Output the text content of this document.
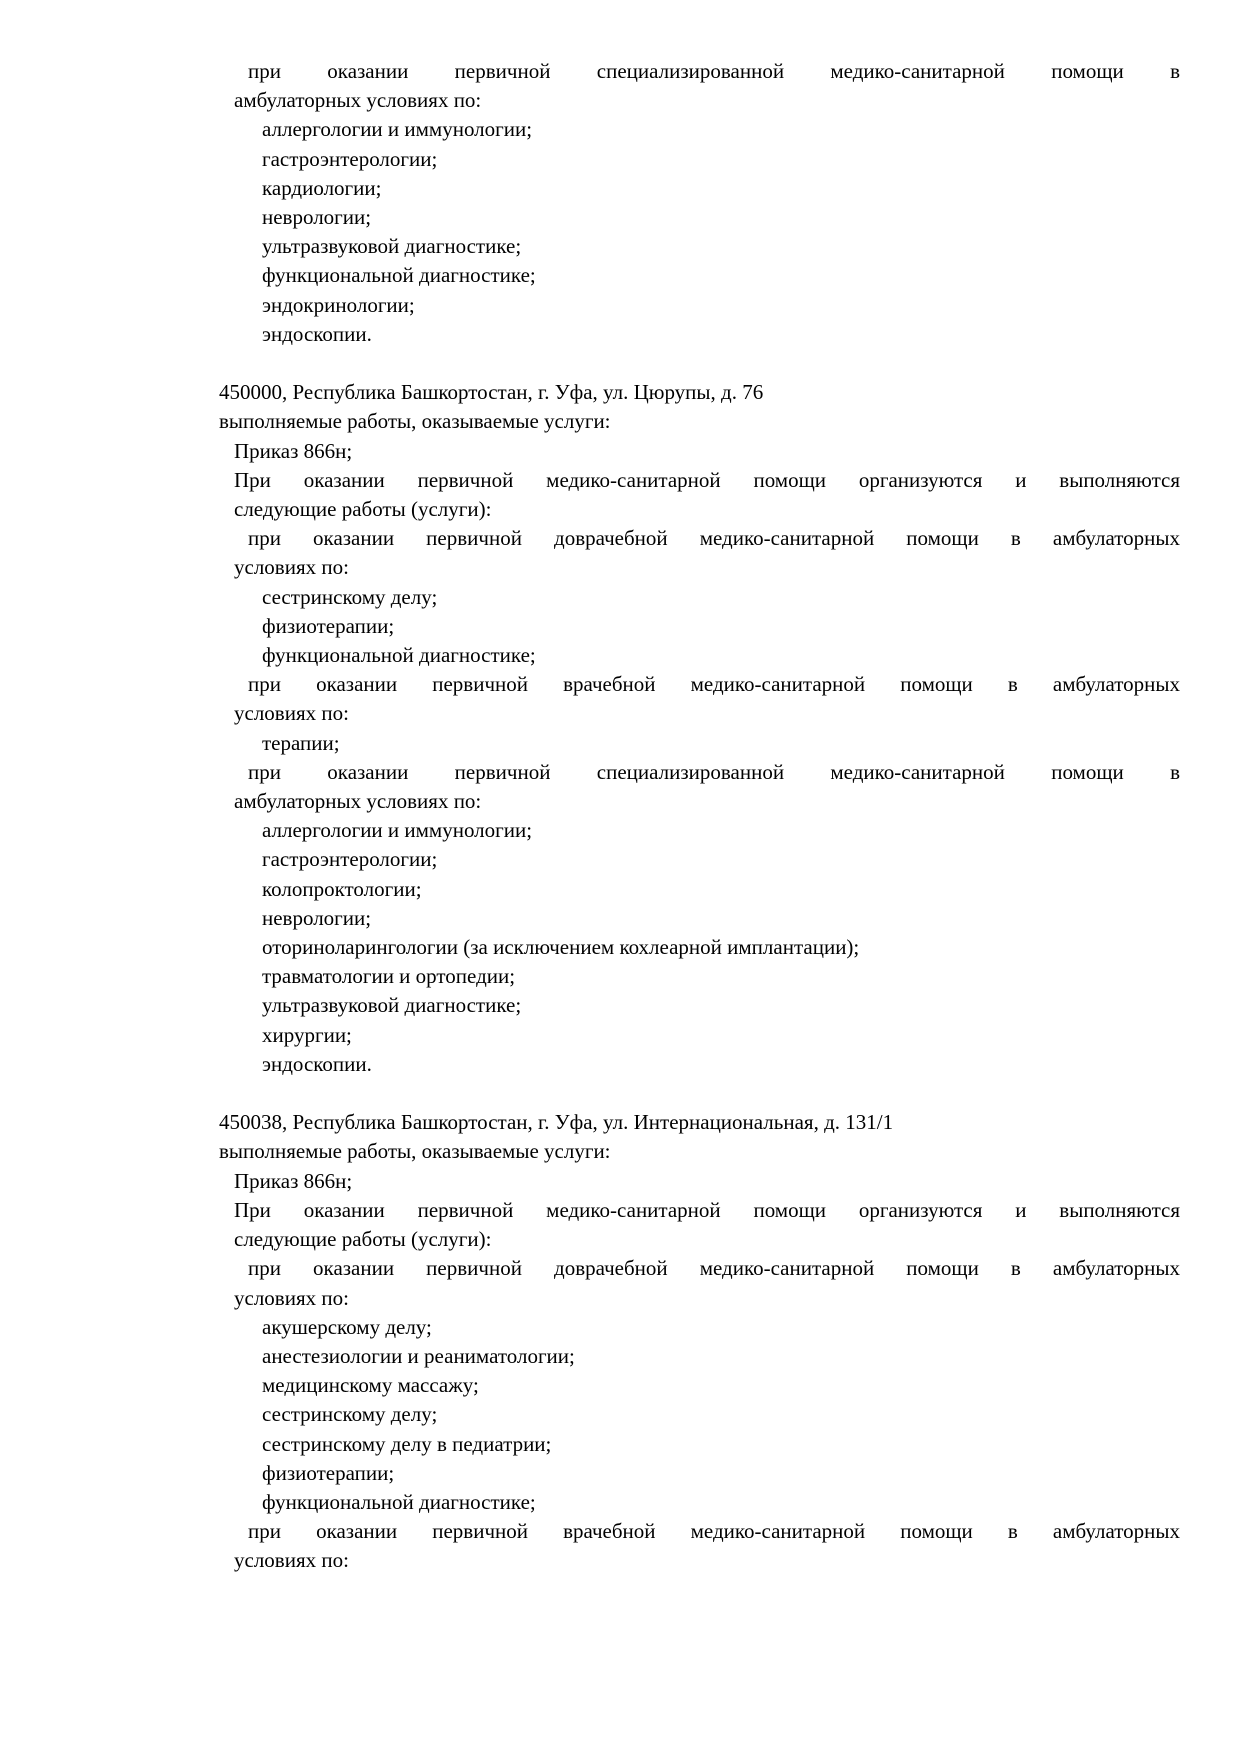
при оказании первичной специализированной медико-санитарной помощи в
амбулаторных условиях по:
аллергологии и иммунологии;
гастроэнтерологии;
кардиологии;
неврологии;
ультразвуковой диагностике;
функциональной диагностике;
эндокринологии;
эндоскопии.
450000, Республика Башкортостан, г. Уфа, ул. Цюрупы, д. 76
выполняемые работы, оказываемые услуги:
Приказ 866н;
При оказании первичной медико-санитарной помощи организуются и выполняются
следующие работы (услуги):
при оказании первичной доврачебной медико-санитарной помощи в амбулаторных
условиях по:
сестринскому делу;
физиотерапии;
функциональной диагностике;
при оказании первичной врачебной медико-санитарной помощи в амбулаторных
условиях по:
терапии;
при оказании первичной специализированной медико-санитарной помощи в
амбулаторных условиях по:
аллергологии и иммунологии;
гастроэнтерологии;
колопроктологии;
неврологии;
оториноларингологии (за исключением кохлеарной имплантации);
травматологии и ортопедии;
ультразвуковой диагностике;
хирургии;
эндоскопии.
450038, Республика Башкортостан, г. Уфа, ул. Интернациональная, д. 131/1
выполняемые работы, оказываемые услуги:
Приказ 866н;
При оказании первичной медико-санитарной помощи организуются и выполняются
следующие работы (услуги):
при оказании первичной доврачебной медико-санитарной помощи в амбулаторных
условиях по:
акушерскому делу;
анестезиологии и реаниматологии;
медицинскому массажу;
сестринскому делу;
сестринскому делу в педиатрии;
физиотерапии;
функциональной диагностике;
при оказании первичной врачебной медико-санитарной помощи в амбулаторных
условиях по:
